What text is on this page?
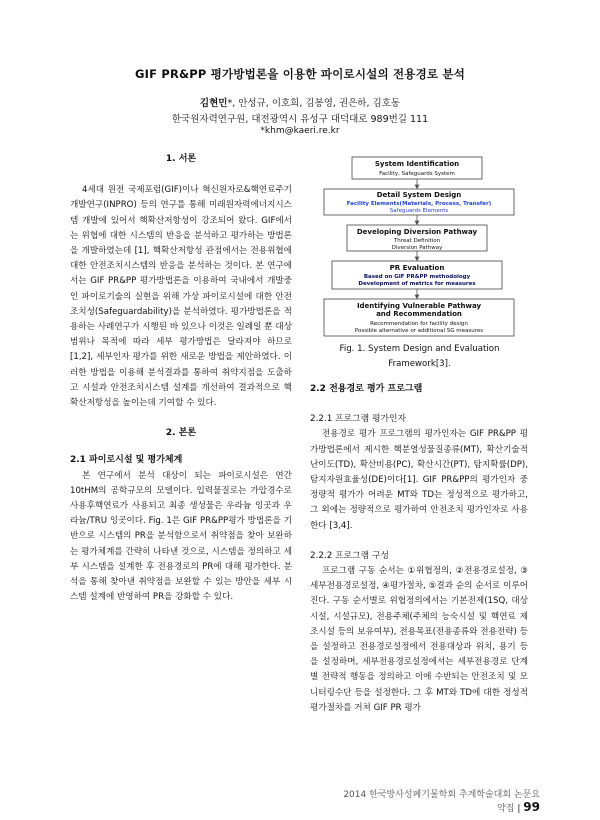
GIF PR&PP 평가방법론을 이용한 파이로시설의 전용경로 분석
김현민*, 안성규, 이호희, 김봉영, 권은하, 김호동
한국원자력연구원, 대전광역시 유성구 대덕대로 989번길 111
*khm@kaeri.re.kr

1. 서론

4세대 원전 국제포럼(GIF)이나 혁신원자로&핵연료주기 개발연구(INPRO) 등의 연구를 통해 미래원자력에너지시스템 개발에 있어서 핵확산저항성이 강조되어 왔다. GIF에서는 위협에 대한 시스템의 반응을 분석하고 평가하는 방법론을 개발하였는데 [1], 핵확산저항성 관점에서는 전용위협에 대한 안전조치시스템의 반응을 분석하는 것이다. 본 연구에서는 GIF PR&PP 평가방법론을 이용하여 국내에서 개발중인 파이로기술의 실현을 위해 가상 파이로시설에 대한 안전조치성(Safeguardability)을 분석하였다. 평가방법론을 적용하는 사례연구가 시행된 바 있으나 이것은 일례일 뿐 대상 범위나 목적에 따라 세부 평가방법은 달라져야 하므로[1,2], 세부인자 평가를 위한 새로운 방법을 제안하였다. 이러한 방법을 이용해 분석결과를 통하여 취약지점을 도출하고 시설과 안전조치시스템 설계를 개선하여 결과적으로 핵확산저항성을 높이는데 기여할 수 있다.

2. 본론

2.1 파이로시설 및 평가체계

본 연구에서 분석 대상이 되는 파이로시설은 연간 10tHM의 공학규모의 모델이다. 입력물질로는 가압경수로 사용후핵연료가 사용되고 최종 생성물은 우라늄 잉곳과 우라늄/TRU 잉곳이다. Fig. 1은 GIF PR&PP평가 방법론을 기반으로 시스템의 PR을 분석함으로서 취약점을 찾아 보완하는 평가체계를 간략히 나타낸 것으로, 시스템을 정의하고 세부 시스템을 설계한 후 전용경로의 PR에 대해 평가한다. 분석을 통해 찾아낸 취약점을 보완할 수 있는 방안을 세부 시스템 설계에 반영하여 PR을 강화할 수 있다.

System Identification
Facility, Safeguards System
Detail System Design
Facility Elements(Materials, Process, Transfer)
Safeguards Elements
Developing Diversion Pathway
Threat Definition
Diversion Pathway
PR Evaluation
Based on GIF PR&PP methodology
Development of metrics for measures
Identifying Vulnerable Pathway
and Recommendation
Recommendation for facility design
Possible alternative or additional SG measures
Fig. 1. System Design and Evaluation Framework[3].

2.2 전용경로 평가 프로그램

2.2.1 프로그램 평가인자

전용경로 평가 프로그램의 평가인자는 GIF PR&PP 평가방법론에서 제시한 핵분열성물질종류(MT), 확산기술적난이도(TD), 확산비용(PC), 확산시간(PT), 탐지확률(DP), 탐지자원효율성(DE)이다[1]. GIF PR&PP의 평가인자 중 정량적 평가가 어려운 MT와 TD는 정성적으로 평가하고, 그 외에는 정량적으로 평가하여 안전조치 평가인자로 사용한다 [3,4].

2.2.2 프로그램 구성

프로그램 구동 순서는 ①위협정의, ②전용경로설정, ③세부전용경로설정, ④평가절차, ⑤결과 순의 순서로 이루어진다. 구동 순서별로 위협정의에서는 기본전제(1SQ, 대상시설, 시설규모), 전용주체(주체의 능숙시설 및 핵연료 제조시설 등의 보유여부), 전용목표(전용종류와 전용전략) 등을 설정하고 전용경로설정에서 전용대상과 위치, 용기 등을 설정하며, 세부전용경로설정에서는 세부전용경로 단계별 전략적 행동을 정의하고 이에 수반되는 안전조치 및 모니터링수단 등을 설정한다. 그 후 MT와 TD에 대한 정성적 평가절차를 거쳐 GIF PR 평가

2014 한국방사성폐기물학회 추계학술대회 논문요약집 | 99
